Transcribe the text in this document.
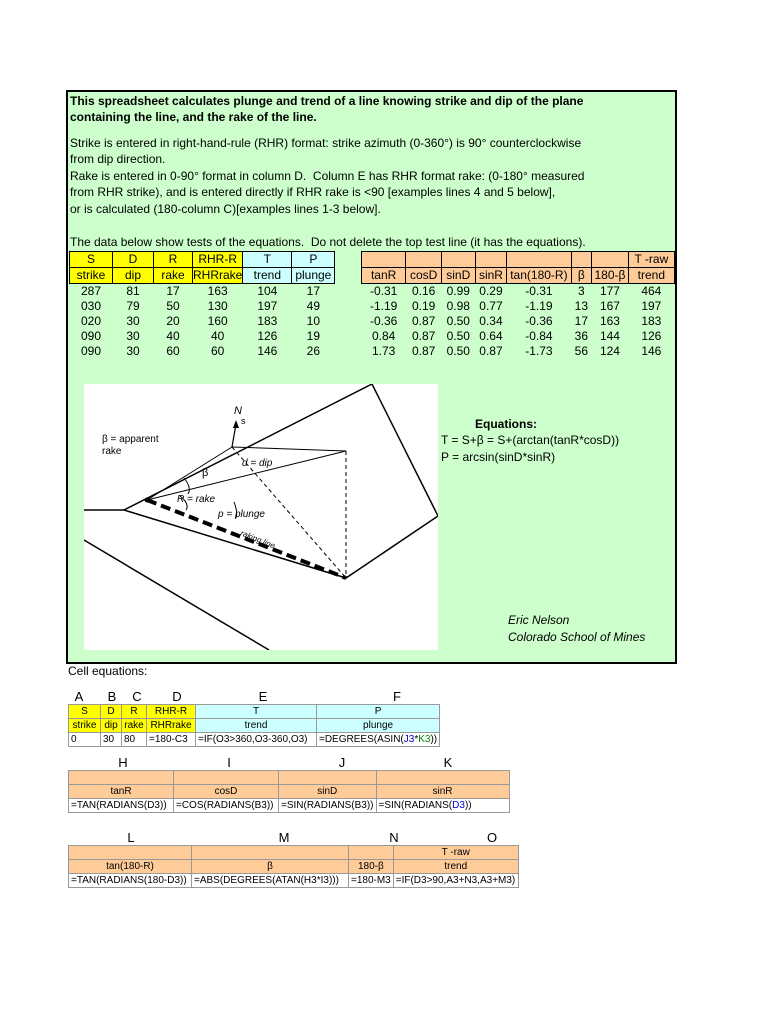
This spreadsheet calculates plunge and trend of a line knowing strike and dip of the plane
containing the line, and the rake of the line.
Strike is entered in right-hand-rule (RHR) format: strike azimuth (0-360°) is 90° counterclockwise
from dip direction.
Rake is entered in 0-90° format in column D.  Column E has RHR format rake: (0-180° measured
from RHR strike), and is entered directly if RHR rake is <90 [examples lines 4 and 5 below],
or is calculated (180-column C)[examples lines 1-3 below].
The data below show tests of the equations.  Do not delete the top test line (it has the equations).
S	D	R	RHR-R	T	P
strike	dip	rake	RHRrake	trend	plunge
287	81	17	163	104	17
030	79	50	130	197	49
020	30	20	160	183	10
090	30	40	40	126	19
090	30	60	60	146	26
							T -raw
tanR	cosD	sinD	sinR	tan(180-R)	β	180-β	trend
-0.31	0.16	0.99	0.29	-0.31	3	177	464
-1.19	0.19	0.98	0.77	-1.19	13	167	197
-0.36	0.87	0.50	0.34	-0.36	17	163	183
0.84	0.87	0.50	0.64	-0.84	36	144	126
1.73	0.87	0.50	0.87	-1.73	56	124	146
β = apparent
rake
N
s
β
d = dip
R = rake
p = plunge
raking line
Equations:
T = S+β = S+(arctan(tanR*cosD))
P = arcsin(sinD*sinR)
Eric Nelson
Colorado School of Mines
Cell equations:
A	B	C	D	E	F
S	D	R	RHR-R	T	P
strike	dip	rake	RHRrake	trend	plunge
0	30	80	=180-C3	=IF(O3>360,O3-360,O3)	=DEGREES(ASIN(J3*K3))
H	I	J	K

tanR	cosD	sinD	sinR
=TAN(RADIANS(D3))	=COS(RADIANS(B3))	=SIN(RADIANS(B3))	=SIN(RADIANS(D3))
L	M	N	O
			T -raw
tan(180-R)	β	180-β	trend
=TAN(RADIANS(180-D3))	=ABS(DEGREES(ATAN(H3*I3)))	=180-M3	=IF(D3>90,A3+N3,A3+M3)
